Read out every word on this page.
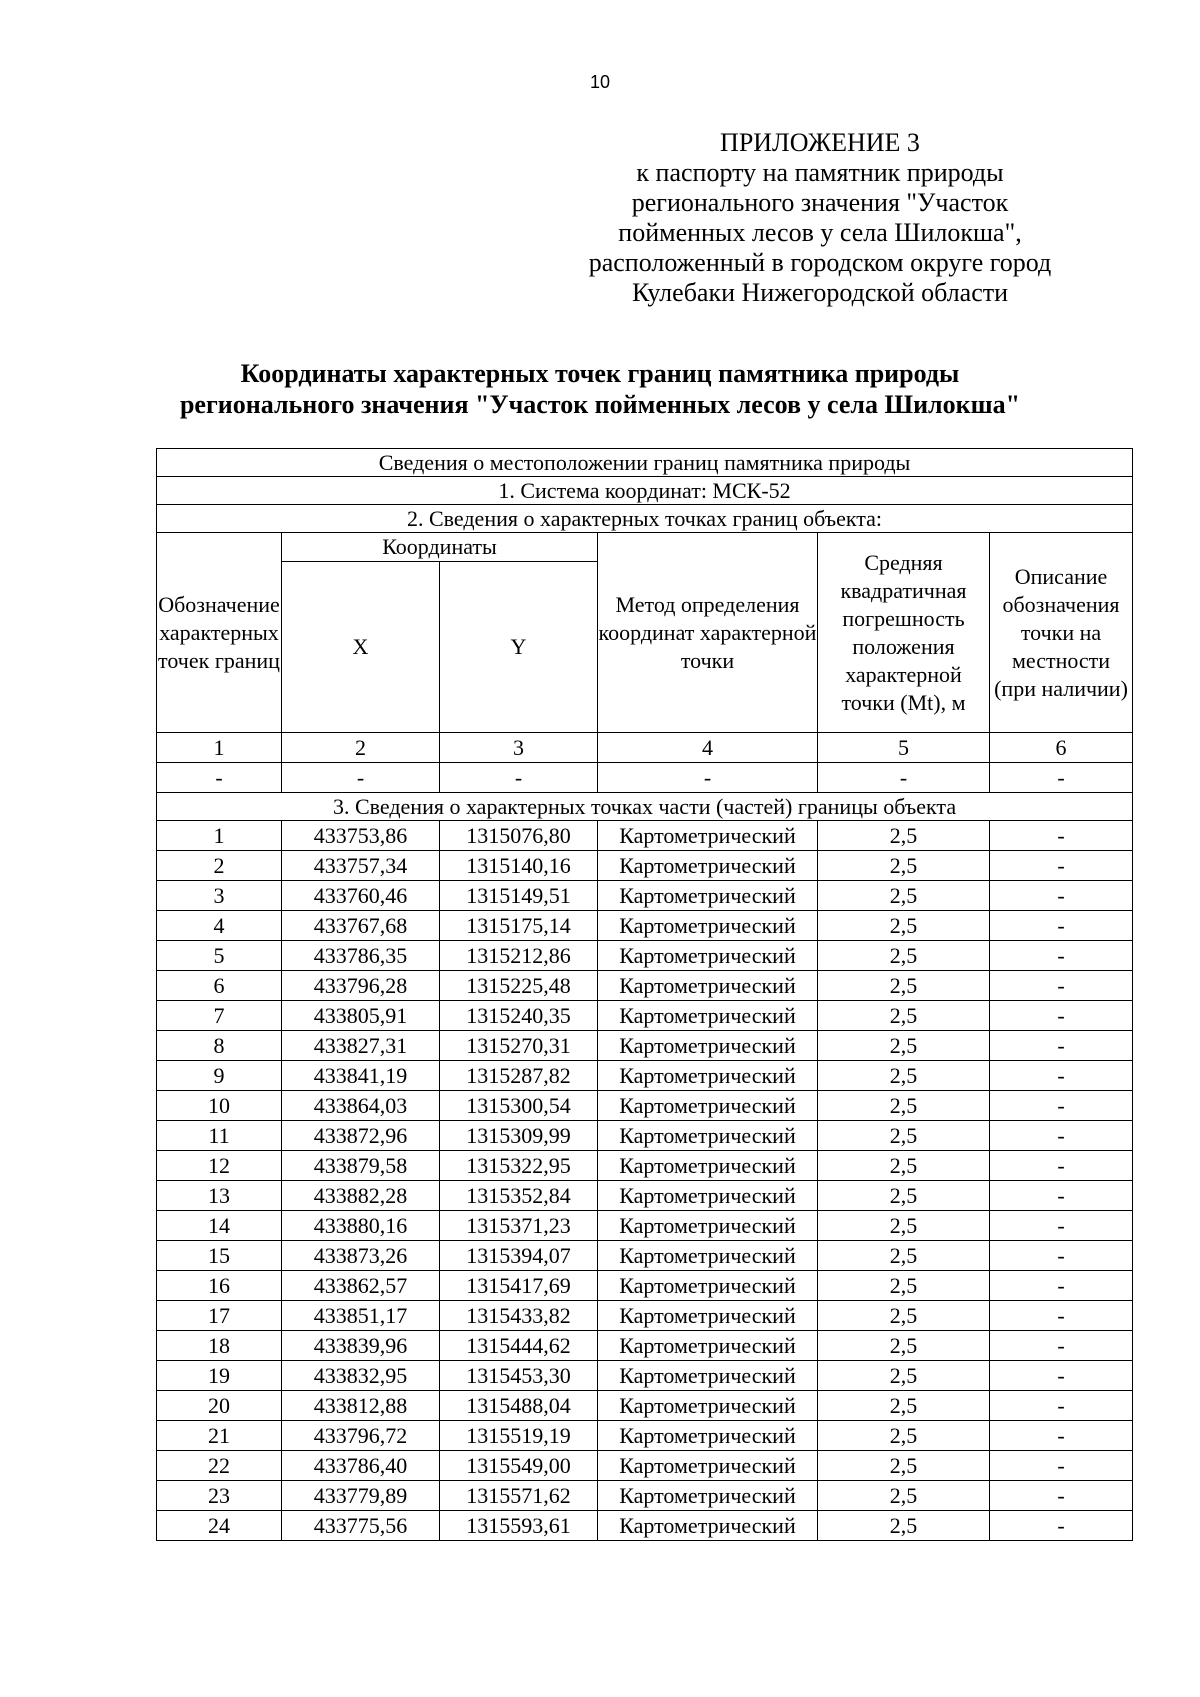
10
ПРИЛОЖЕНИЕ 3
к паспорту на памятник природы
регионального значения "Участок
пойменных лесов у села Шилокша",
расположенный в городском округе город
Кулебаки Нижегородской области
Координаты характерных точек границ памятника природы
регионального значения "Участок пойменных лесов у села Шилокша"
Сведения о местоположении границ памятника природы					
1. Система координат: МСК-52					
2. Сведения о характерных точках границ объекта:					
Обозначение характерных точек границ	Координаты		Метод определения координат характерной точки	Средняя квадратичная погрешность положения характерной точки (Mt), м	Описание обозначения точки на местности (при наличии)
	X	Y			
1	2	3	4	5	6
-	-	-	-	-	-
3. Сведения о характерных точках части (частей) границы объекта					
1	433753,86	1315076,80	Картометрический	2,5	-
2	433757,34	1315140,16	Картометрический	2,5	-
3	433760,46	1315149,51	Картометрический	2,5	-
4	433767,68	1315175,14	Картометрический	2,5	-
5	433786,35	1315212,86	Картометрический	2,5	-
6	433796,28	1315225,48	Картометрический	2,5	-
7	433805,91	1315240,35	Картометрический	2,5	-
8	433827,31	1315270,31	Картометрический	2,5	-
9	433841,19	1315287,82	Картометрический	2,5	-
10	433864,03	1315300,54	Картометрический	2,5	-
11	433872,96	1315309,99	Картометрический	2,5	-
12	433879,58	1315322,95	Картометрический	2,5	-
13	433882,28	1315352,84	Картометрический	2,5	-
14	433880,16	1315371,23	Картометрический	2,5	-
15	433873,26	1315394,07	Картометрический	2,5	-
16	433862,57	1315417,69	Картометрический	2,5	-
17	433851,17	1315433,82	Картометрический	2,5	-
18	433839,96	1315444,62	Картометрический	2,5	-
19	433832,95	1315453,30	Картометрический	2,5	-
20	433812,88	1315488,04	Картометрический	2,5	-
21	433796,72	1315519,19	Картометрический	2,5	-
22	433786,40	1315549,00	Картометрический	2,5	-
23	433779,89	1315571,62	Картометрический	2,5	-
24	433775,56	1315593,61	Картометрический	2,5	-
